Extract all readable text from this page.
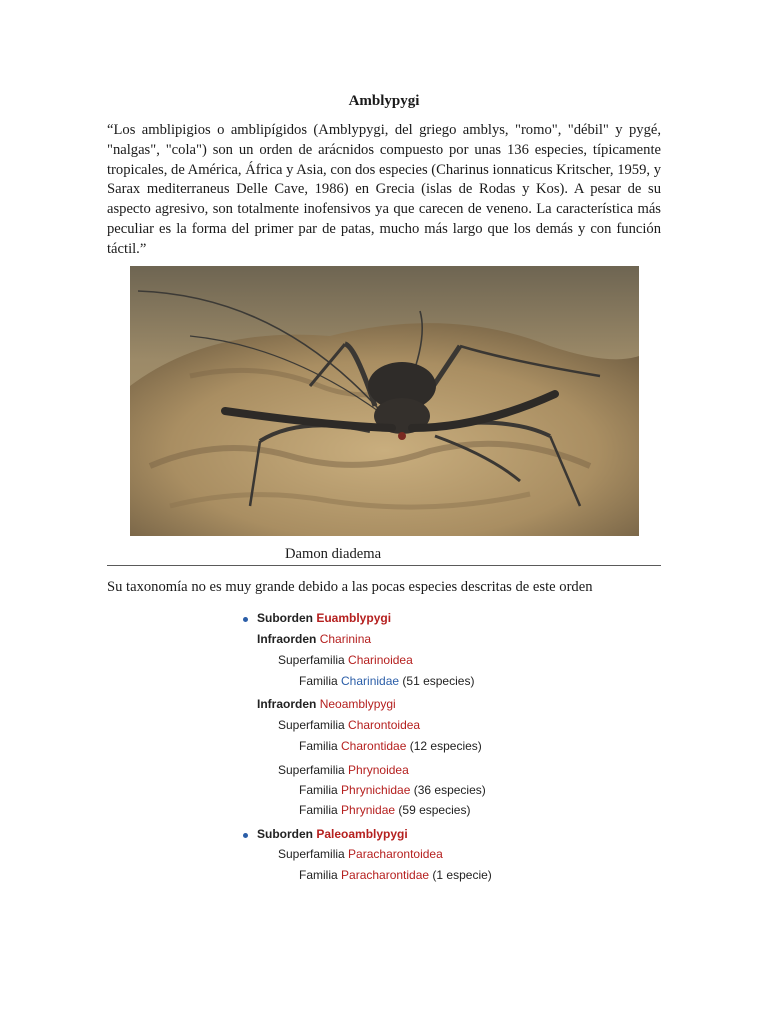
Amblypygi

“Los amblipigios o amblipígidos (Amblypygi, del griego amblys, "romo", "débil" y pygé, "nalgas", "cola") son un orden de arácnidos compuesto por unas 136 especies, típicamente tropicales, de América, África y Asia, con dos especies (Charinus ionnaticus Kritscher, 1959, y Sarax mediterraneus Delle Cave, 1986) en Grecia (islas de Rodas y Kos). A pesar de su aspecto agresivo, son totalmente inofensivos ya que carecen de veneno. La característica más peculiar es la forma del primer par de patas, mucho más largo que los demás y con función táctil.”

Damon diadema
Su taxonomía no es muy grande debido a las pocas especies descritas de este orden
Suborden Euamblypygi
Infraorden Charinina
Superfamilia Charinoidea
Familia Charinidae (51 especies)
Infraorden Neoamblypygi
Superfamilia Charontoidea
Familia Charontidae (12 especies)
Superfamilia Phrynoidea
Familia Phrynichidae (36 especies)
Familia Phrynidae (59 especies)
Suborden Paleoamblypygi
Superfamilia Paracharontoidea
Familia Paracharontidae (1 especie)
